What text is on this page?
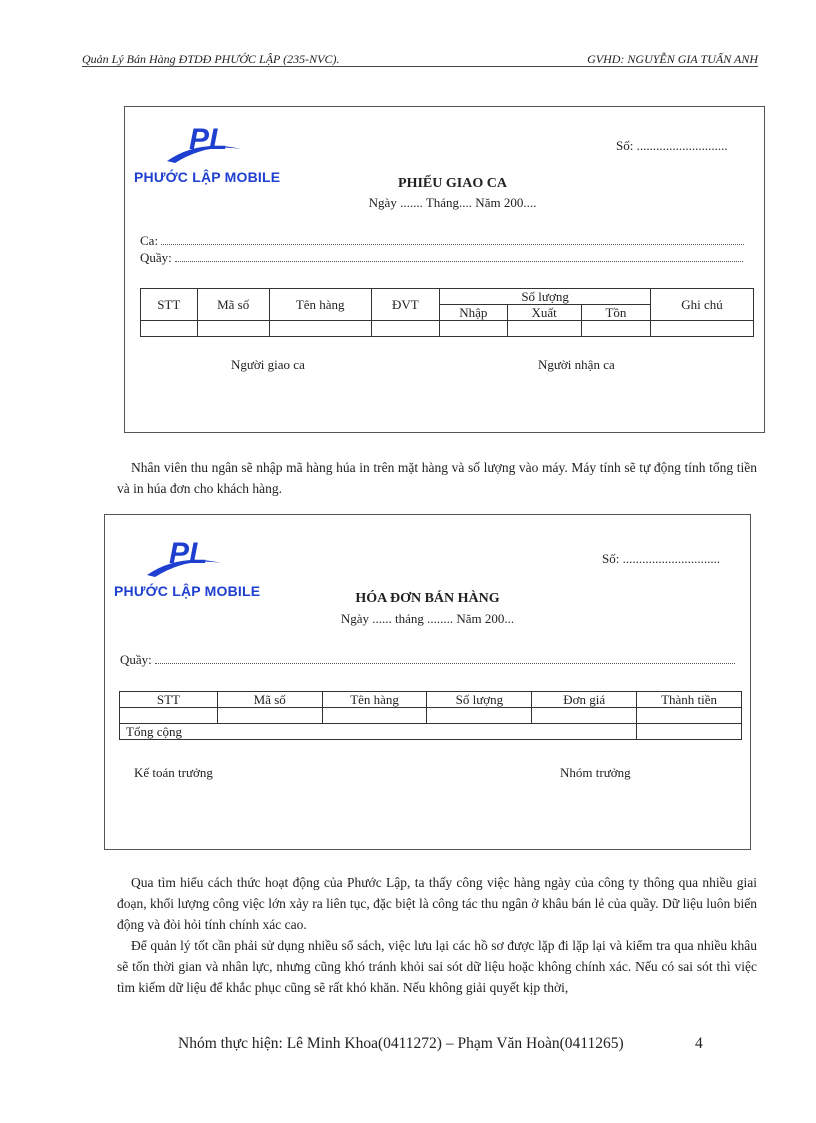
Quản Lý Bán Hàng ĐTDĐ PHƯỚC LẬP (235-NVC).	GVHD: NGUYỄN GIA TUẤN ANH
PL
PHƯỚC LẬP MOBILE
Số: ............................
PHIẾU GIAO CA
Ngày ....... Tháng.... Năm 200....
Ca:
Quầy:
STT	Mã số	Tên hàng	ĐVT	Số lượng			Ghi chú
				Nhập	Xuất	Tồn	

Người giao ca	Người nhận ca
Nhân viên thu ngân sẽ nhập mã hàng húa in trên mặt hàng và số lượng vào máy. Máy tính sẽ tự động tính tổng tiền và in húa đơn cho khách hàng.
PL
PHƯỚC LẬP MOBILE
Số: ..............................
HÓA ĐƠN BÁN HÀNG
Ngày ...... tháng ........ Năm 200...
Quầy:
STT	Mã số	Tên hàng	Số lượng	Đơn giá	Thành tiền

Tổng cộng					
Kế toán trưởng	Nhóm trưởng
Qua tìm hiểu cách thức hoạt động của Phước Lập, ta thấy công việc hàng ngày của công ty thông qua nhiều giai đoạn, khối lượng công việc lớn xảy ra liên tục, đặc biệt là công tác thu ngân ở khâu bán lẻ của quầy. Dữ liệu luôn biến động và đòi hỏi tính chính xác cao.
Để quản lý tốt cần phải sử dụng nhiều sổ sách, việc lưu lại các hồ sơ được lặp đi lặp lại và kiểm tra qua nhiều khâu sẽ tốn thời gian và nhân lực, nhưng cũng khó tránh khỏi sai sót dữ liệu hoặc không chính xác. Nếu có sai sót thì việc tìm kiếm dữ liệu để khắc phục cũng sẽ rất khó khăn. Nếu không giải quyết kịp thời,
Nhóm thực hiện: Lê Minh Khoa(0411272) – Phạm Văn Hoàn(0411265)	4
